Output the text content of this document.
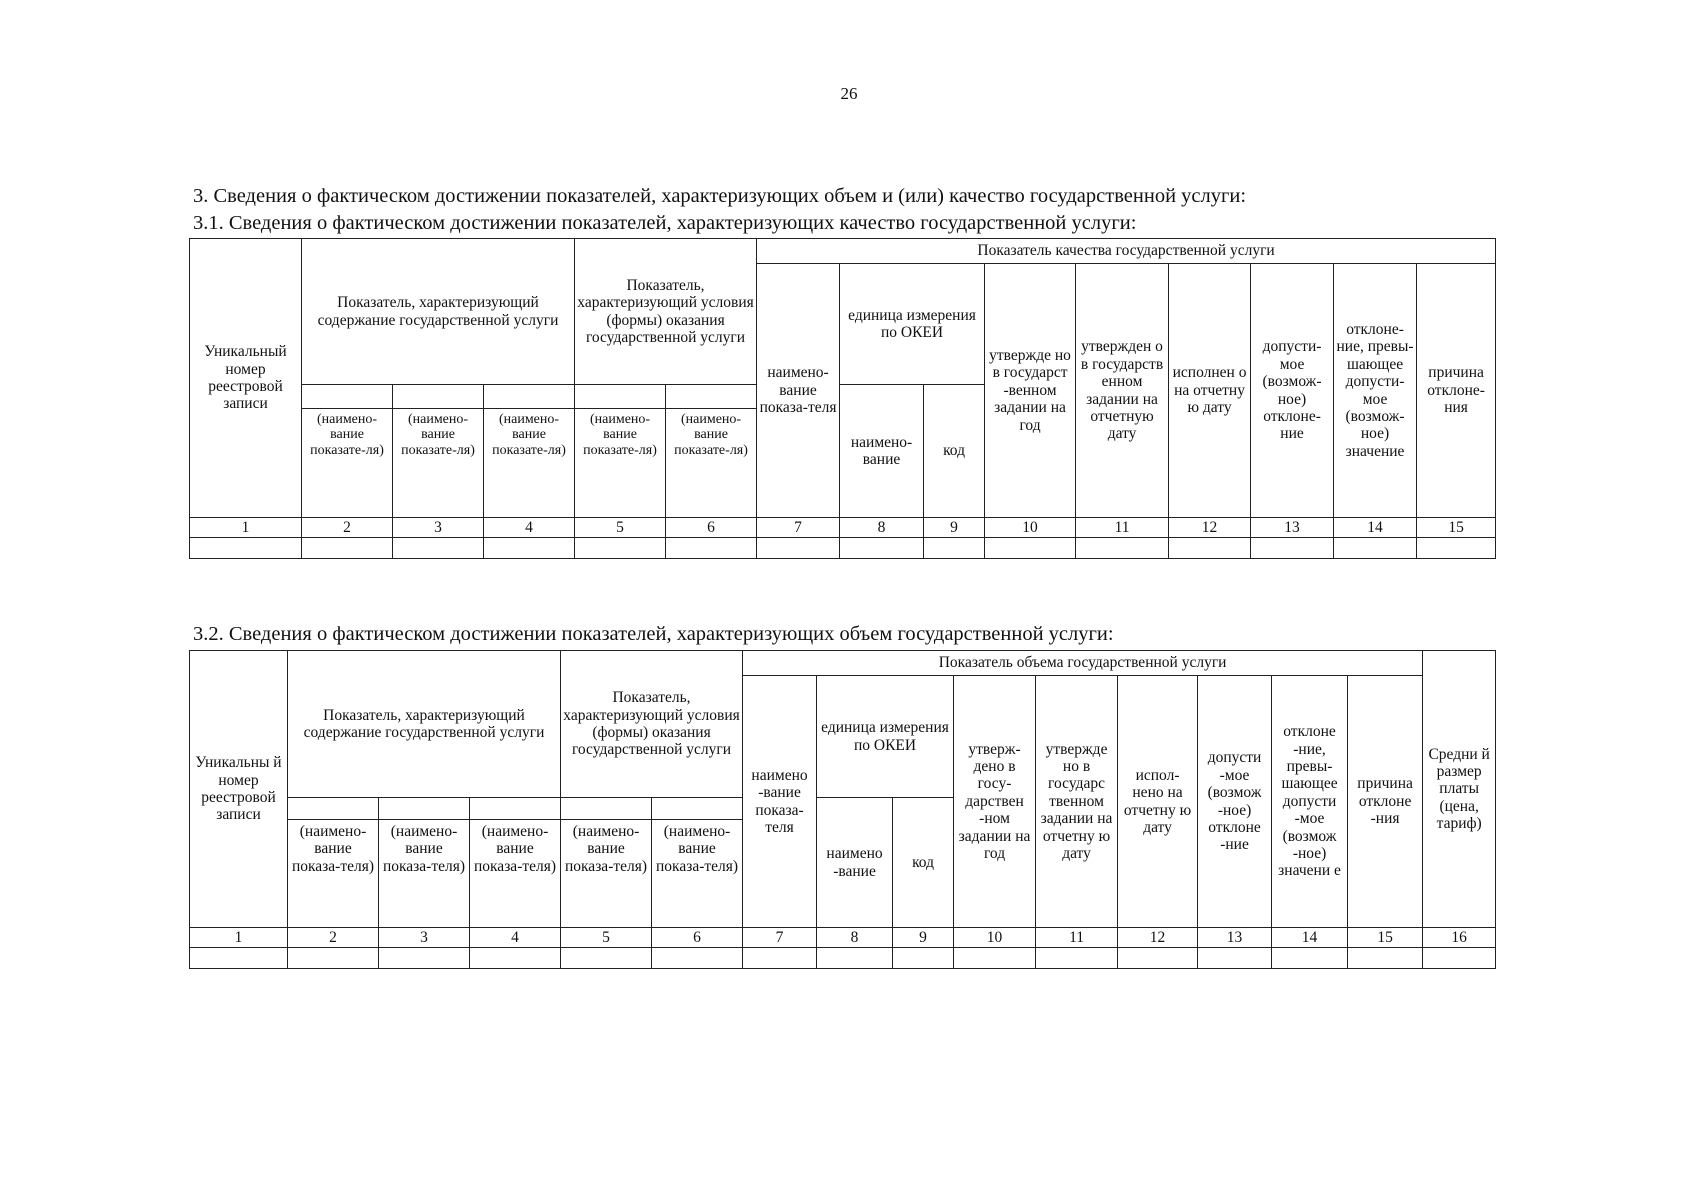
26
3. Сведения о фактическом достижении показателей, характеризующих объем и (или) качество государственной услуги:
3.1. Сведения о фактическом достижении показателей, характеризующих качество государственной услуги:
Уникальный номер реестровой записи	Показатель, характеризующий содержание государственной услуги			Показатель, характеризующий условия (формы) оказания государственной услуги		Показатель качества государственной услуги								
						наимено-вание показа-теля	единица измерения по ОКЕИ		утвержде но в государст -венном задании на год	утвержден о в государств енном задании на отчетную дату	исполнен о на отчетну ю дату	допусти-мое (возмож-ное) отклоне-ние	отклоне-ние, превы-шающее допусти-мое (возмож-ное) значение	причина отклоне-ния
							наимено-вание	код						
	(наимено-вание показате-ля)	(наимено-вание показате-ля)	(наимено-вание показате-ля)	(наимено-вание показате-ля)	(наимено-вание показате-ля)									
1	2	3	4	5	6	7	8	9	10	11	12	13	14	15

3.2. Сведения о фактическом достижении показателей, характеризующих объем государственной услуги:
Уникальны й номер реестровой записи	Показатель, характеризующий содержание государственной услуги			Показатель, характеризующий условия (формы) оказания государственной услуги		Показатель объема государственной услуги									Средни й размер платы (цена, тариф)
						наимено -вание показа-теля	единица измерения по ОКЕИ		утверж-дено в госу-дарствен -ном задании на год	утвержде но в государс твенном задании на отчетну ю дату	испол-нено на отчетну ю дату	допусти -мое (возмож -ное) отклоне -ние	отклоне -ние, превы-шающее допусти -мое (возмож -ное) значени е	причина отклоне -ния	
							наимено -вание	код							
	(наимено-вание показа-теля)	(наимено-вание показа-теля)	(наимено-вание показа-теля)	(наимено-вание показа-теля)	(наимено-вание показа-теля)										
1	2	3	4	5	6	7	8	9	10	11	12	13	14	15	16
